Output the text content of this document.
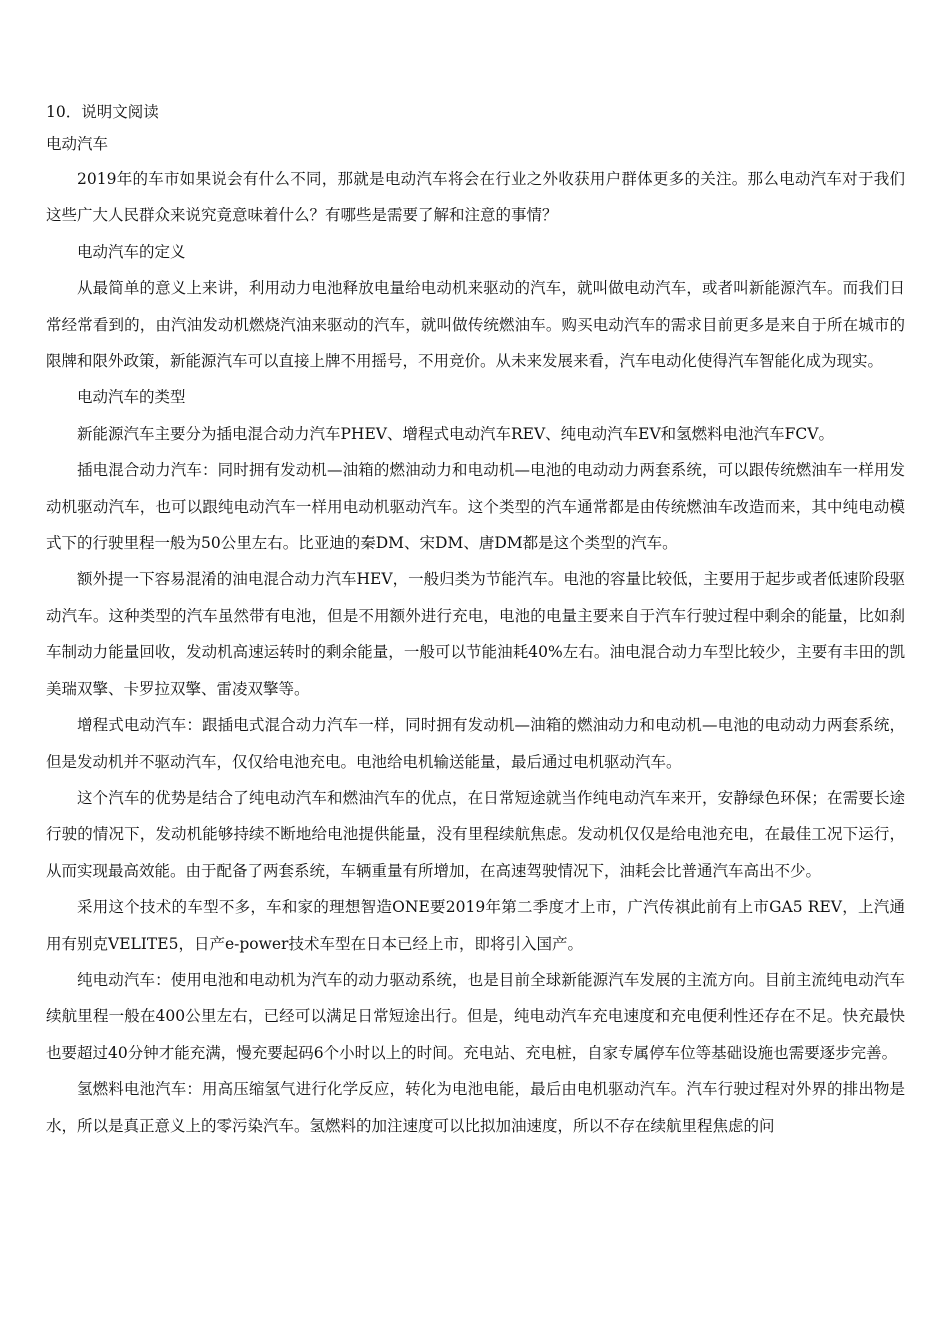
10．说明文阅读

电动汽车

2019年的车市如果说会有什么不同，那就是电动汽车将会在行业之外收获用户群体更多的关注。那么电动汽车对于我们这些广大人民群众来说究竟意味着什么？有哪些是需要了解和注意的事情？

电动汽车的定义

从最简单的意义上来讲，利用动力电池释放电量给电动机来驱动的汽车，就叫做电动汽车，或者叫新能源汽车。而我们日常经常看到的，由汽油发动机燃烧汽油来驱动的汽车，就叫做传统燃油车。购买电动汽车的需求目前更多是来自于所在城市的限牌和限外政策，新能源汽车可以直接上牌不用摇号，不用竞价。从未来发展来看，汽车电动化使得汽车智能化成为现实。

电动汽车的类型

新能源汽车主要分为插电混合动力汽车PHEV、增程式电动汽车REV、纯电动汽车EV和氢燃料电池汽车FCV。

插电混合动力汽车：同时拥有发动机—油箱的燃油动力和电动机—电池的电动动力两套系统，可以跟传统燃油车一样用发动机驱动汽车，也可以跟纯电动汽车一样用电动机驱动汽车。这个类型的汽车通常都是由传统燃油车改造而来，其中纯电动模式下的行驶里程一般为50公里左右。比亚迪的秦DM、宋DM、唐DM都是这个类型的汽车。

额外提一下容易混淆的油电混合动力汽车HEV，一般归类为节能汽车。电池的容量比较低，主要用于起步或者低速阶段驱动汽车。这种类型的汽车虽然带有电池，但是不用额外进行充电，电池的电量主要来自于汽车行驶过程中剩余的能量，比如刹车制动力能量回收，发动机高速运转时的剩余能量，一般可以节能油耗40%左右。油电混合动力车型比较少，主要有丰田的凯美瑞双擎、卡罗拉双擎、雷凌双擎等。

增程式电动汽车：跟插电式混合动力汽车一样，同时拥有发动机—油箱的燃油动力和电动机—电池的电动动力两套系统，但是发动机并不驱动汽车，仅仅给电池充电。电池给电机输送能量，最后通过电机驱动汽车。

这个汽车的优势是结合了纯电动汽车和燃油汽车的优点，在日常短途就当作纯电动汽车来开，安静绿色环保；在需要长途行驶的情况下，发动机能够持续不断地给电池提供能量，没有里程续航焦虑。发动机仅仅是给电池充电，在最佳工况下运行，从而实现最高效能。由于配备了两套系统，车辆重量有所增加，在高速驾驶情况下，油耗会比普通汽车高出不少。

采用这个技术的车型不多，车和家的理想智造ONE要2019年第二季度才上市，广汽传祺此前有上市GA5 REV，上汽通用有别克VELITE5，日产e-power技术车型在日本已经上市，即将引入国产。

纯电动汽车：使用电池和电动机为汽车的动力驱动系统，也是目前全球新能源汽车发展的主流方向。目前主流纯电动汽车续航里程一般在400公里左右，已经可以满足日常短途出行。但是，纯电动汽车充电速度和充电便利性还存在不足。快充最快也要超过40分钟才能充满，慢充要起码6个小时以上的时间。充电站、充电桩，自家专属停车位等基础设施也需要逐步完善。

氢燃料电池汽车：用高压缩氢气进行化学反应，转化为电池电能，最后由电机驱动汽车。汽车行驶过程对外界的排出物是水，所以是真正意义上的零污染汽车。氢燃料的加注速度可以比拟加油速度，所以不存在续航里程焦虑的问
